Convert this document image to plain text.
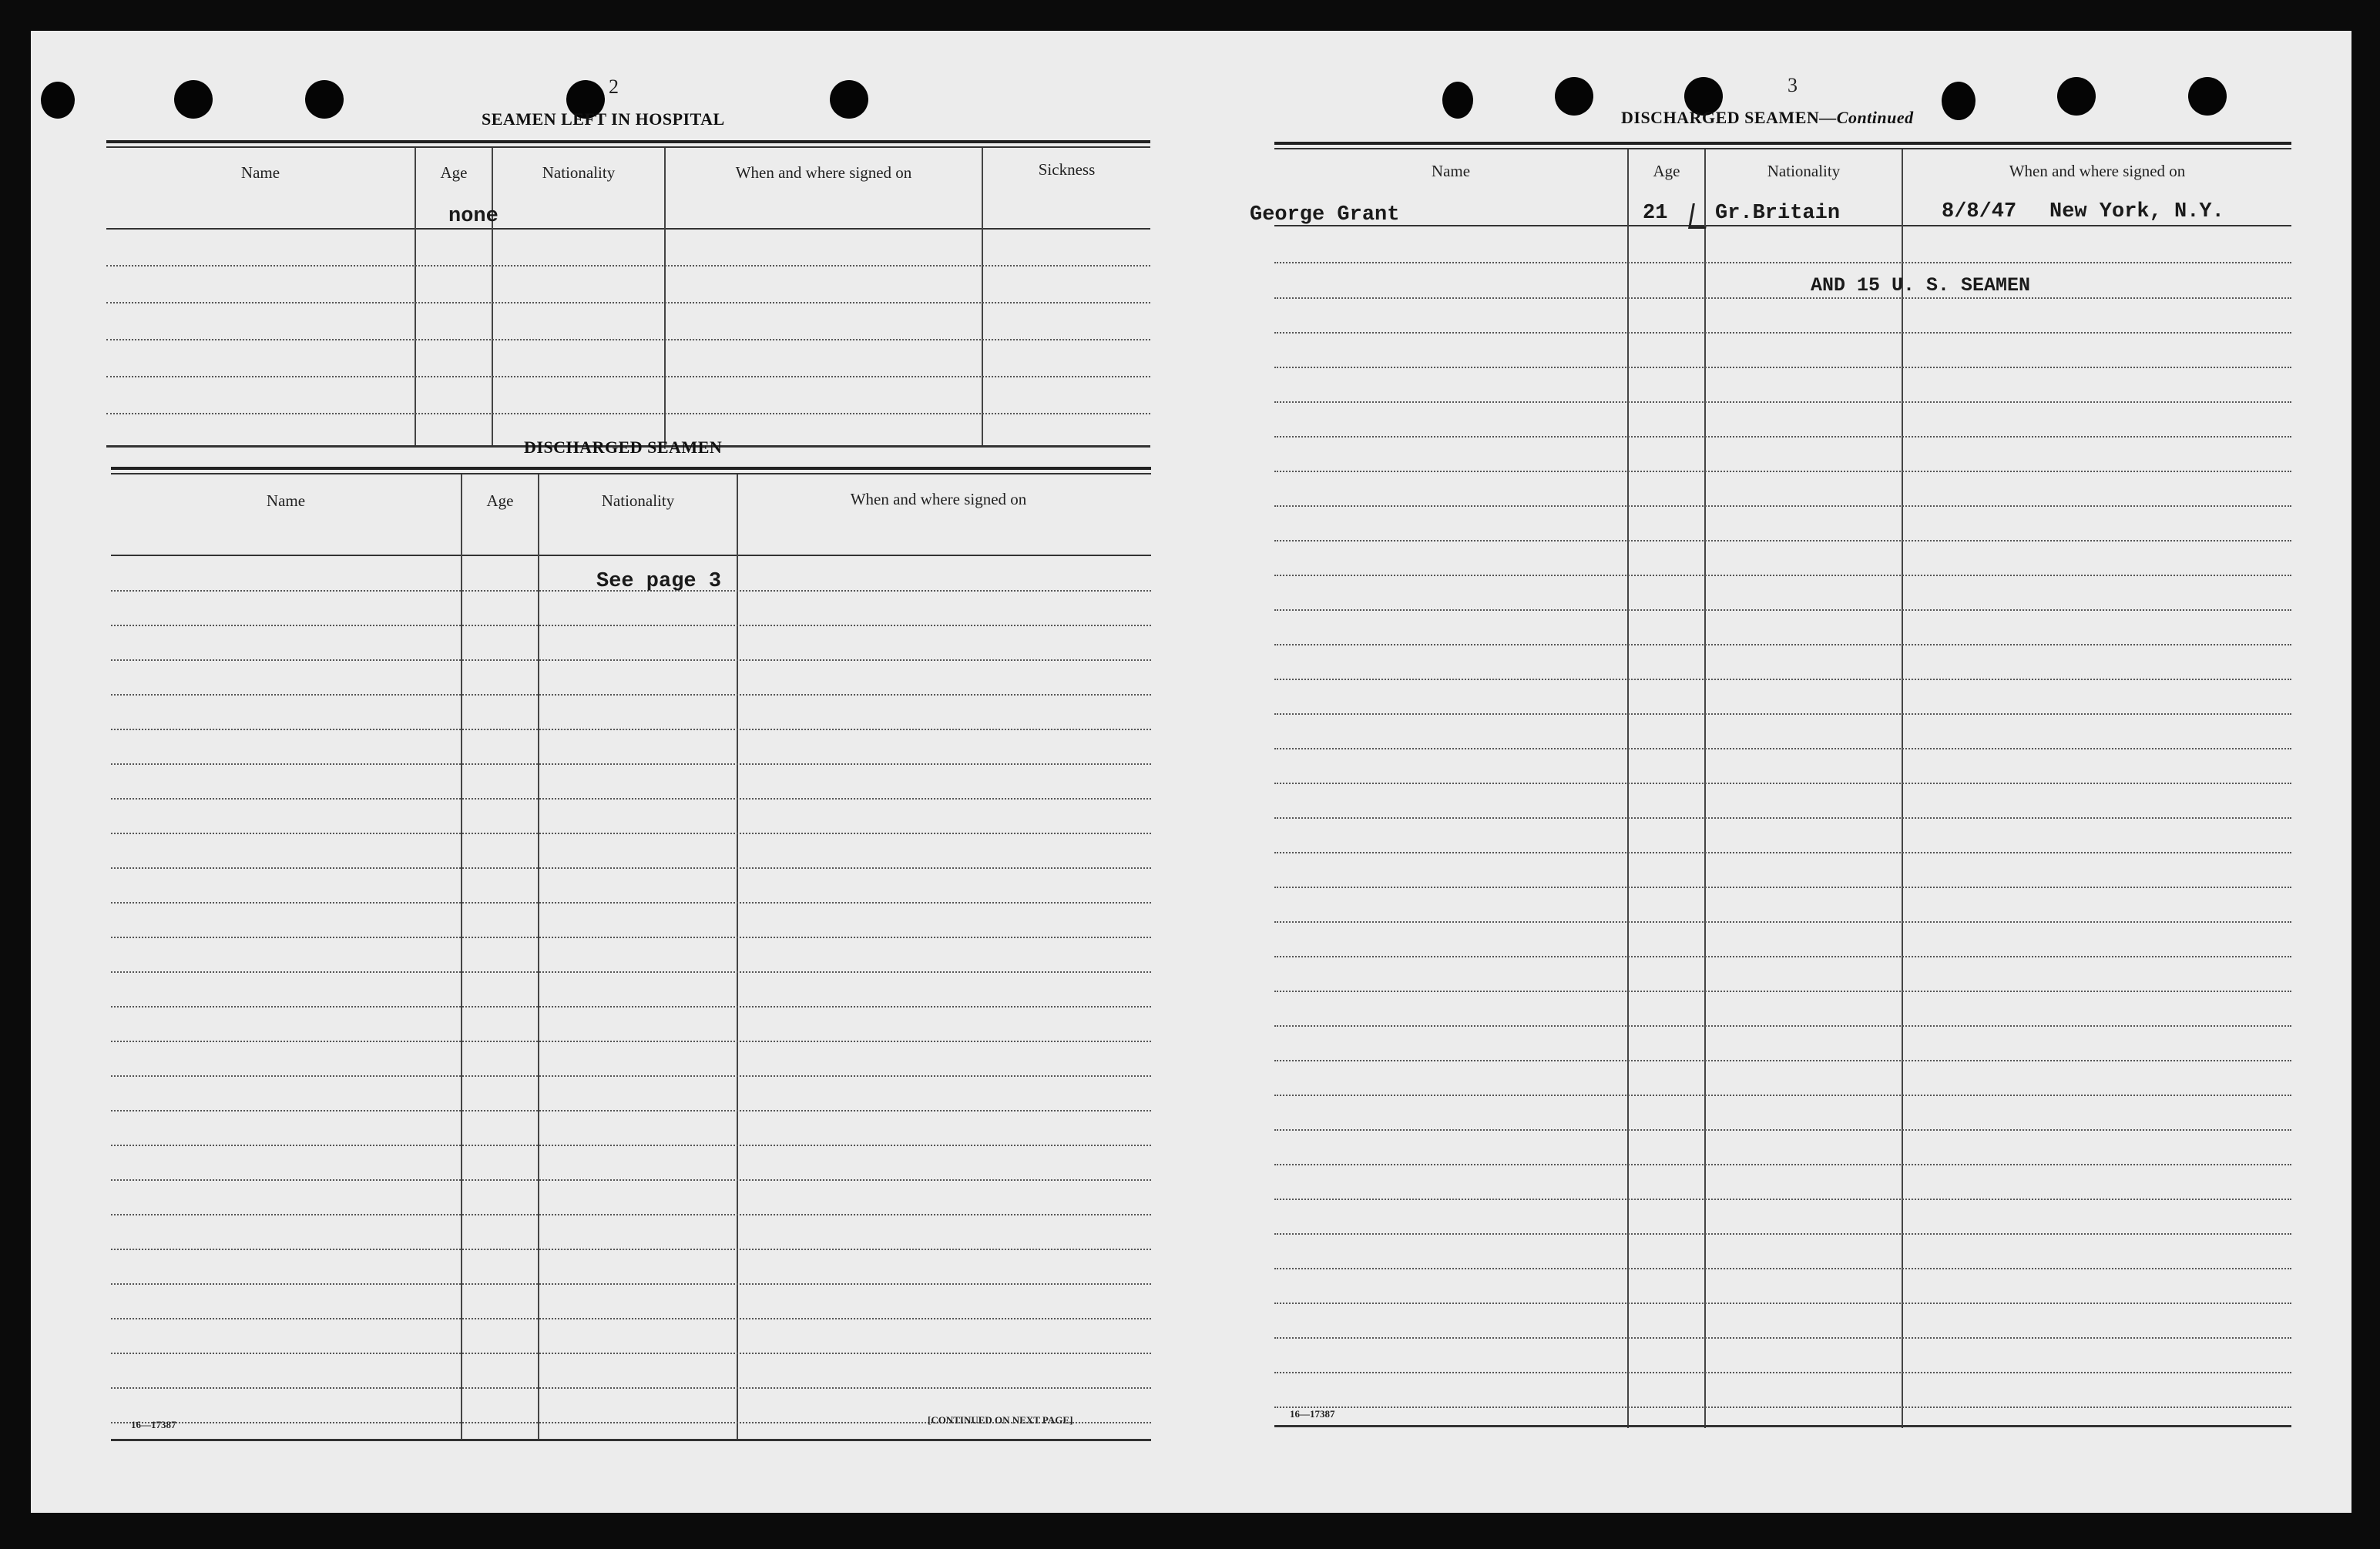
2
SEAMEN LEFT IN HOSPITAL
Name	Age	Nationality	When and where signed on	Sickness
none
DISCHARGED SEAMEN
Name	Age	Nationality	When and where signed on
See page 3
16—17387	[CONTINUED ON NEXT PAGE]
3
DISCHARGED SEAMEN—Continued
Name	Age	Nationality	When and where signed on
George Grant	21 Gr.Britain	8/8/47 New York, N.Y.
AND 15 U. S. SEAMEN
16—17387
